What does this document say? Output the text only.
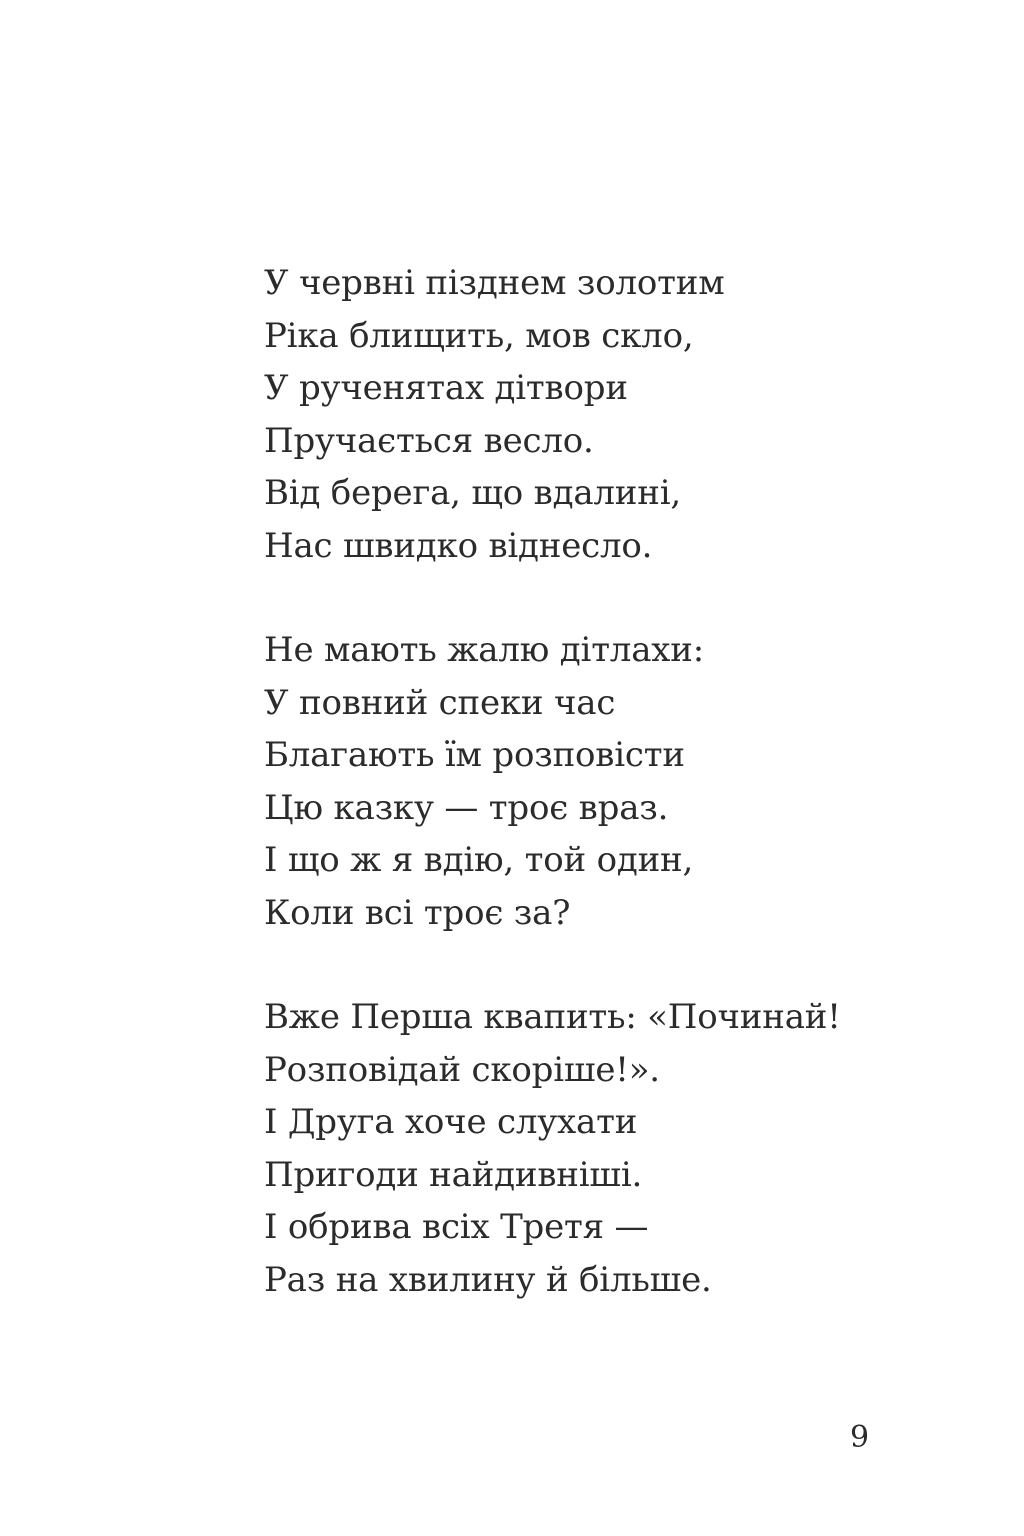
У червні пізднем золотим
Ріка блищить, мов скло,
У рученятах дітвори
Пручається весло.
Від берега, що вдалині,
Нас швидко віднесло.
Не мають жалю дітлахи:
У повний спеки час
Благають їм розповісти
Цю казку — троє враз.
І що ж я вдію, той один,
Коли всі троє за?
Вже Перша квапить: «Починай!
Розповідай скоріше!».
І Друга хоче слухати
Пригоди найдивніші.
І обрива всіх Третя —
Раз на хвилину й більше.
9
